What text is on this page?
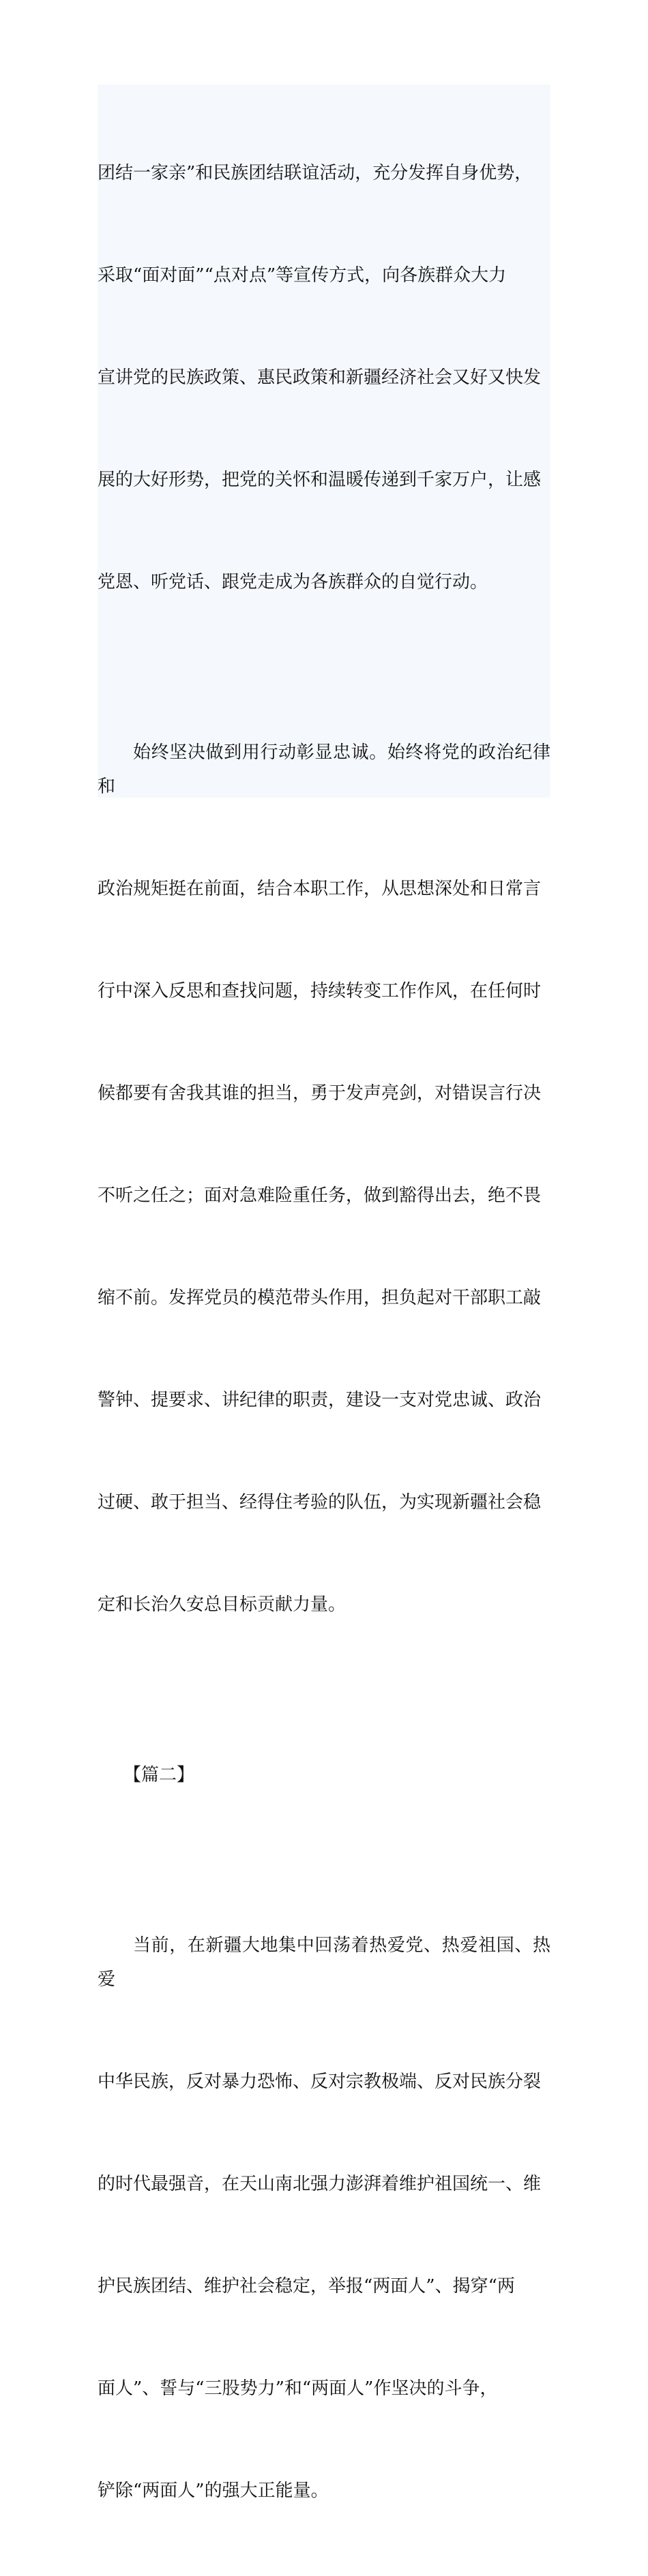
团结一家亲”和民族团结联谊活动，充分发挥自身优势，

采取“面对面”“点对点”等宣传方式，向各族群众大力

宣讲党的民族政策、惠民政策和新疆经济社会又好又快发

展的大好形势，把党的关怀和温暖传递到千家万户，让感

党恩、听党话、跟党走成为各族群众的自觉行动。

始终坚决做到用行动彰显忠诚。始终将党的政治纪律和

政治规矩挺在前面，结合本职工作，从思想深处和日常言

行中深入反思和查找问题，持续转变工作作风，在任何时

候都要有舍我其谁的担当，勇于发声亮剑，对错误言行决

不听之任之；面对急难险重任务，做到豁得出去，绝不畏

缩不前。发挥党员的模范带头作用，担负起对干部职工敲

警钟、提要求、讲纪律的职责，建设一支对党忠诚、政治

过硬、敢于担当、经得住考验的队伍，为实现新疆社会稳

定和长治久安总目标贡献力量。

【篇二】

当前，在新疆大地集中回荡着热爱党、热爱祖国、热爱

中华民族，反对暴力恐怖、反对宗教极端、反对民族分裂

的时代最强音，在天山南北强力澎湃着维护祖国统一、维

护民族团结、维护社会稳定，举报“两面人”、揭穿“两

面人”、誓与“三股势力”和“两面人”作坚决的斗争，

铲除“两面人”的强大正能量。
